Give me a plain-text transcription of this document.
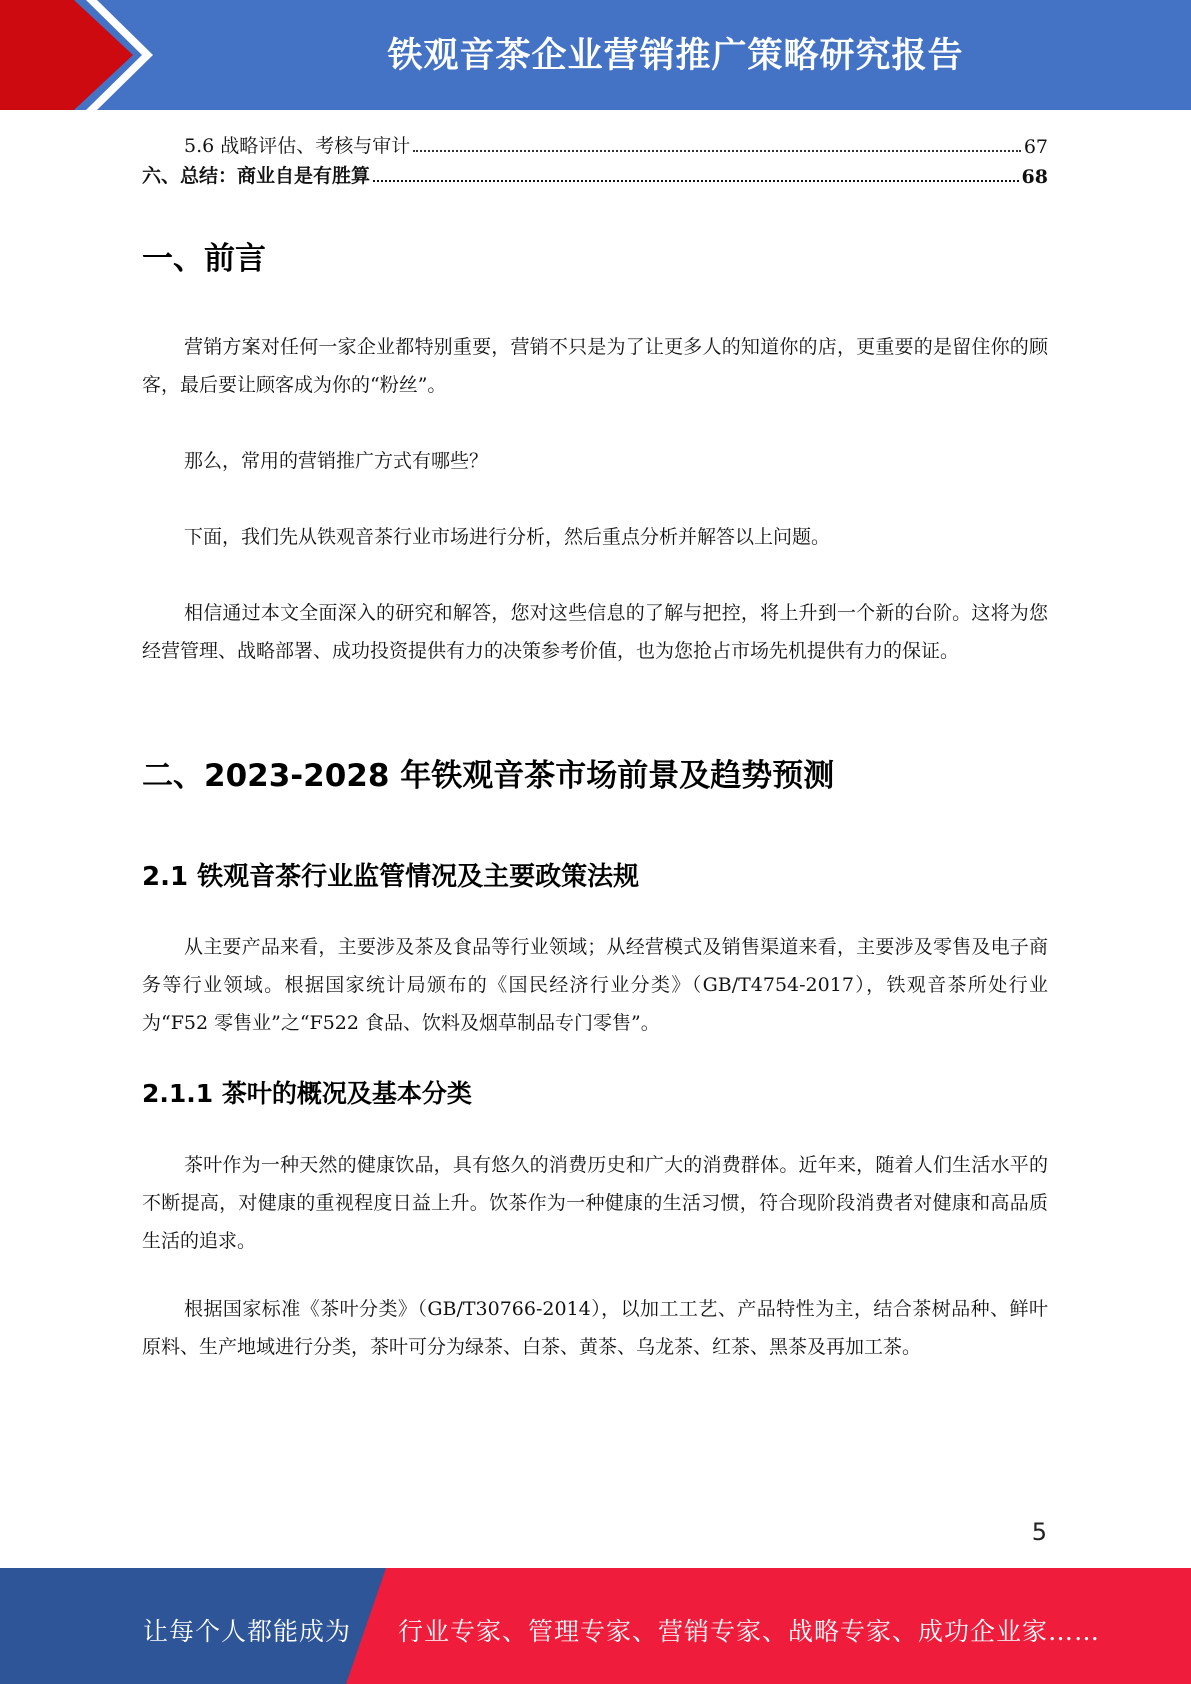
铁观音茶企业营销推广策略研究报告
5.6 战略评估、考核与审计	67
六、总结：商业自是有胜算	68
一、前言

营销方案对任何一家企业都特别重要，营销不只是为了让更多人的知道你的店，更重要的是留住你的顾客，最后要让顾客成为你的“粉丝”。

那么，常用的营销推广方式有哪些？

下面，我们先从铁观音茶行业市场进行分析，然后重点分析并解答以上问题。

相信通过本文全面深入的研究和解答，您对这些信息的了解与把控，将上升到一个新的台阶。这将为您经营管理、战略部署、成功投资提供有力的决策参考价值，也为您抢占市场先机提供有力的保证。

二、2023-2028 年铁观音茶市场前景及趋势预测
2.1 铁观音茶行业监管情况及主要政策法规

从主要产品来看，主要涉及茶及食品等行业领域；从经营模式及销售渠道来看，主要涉及零售及电子商务等行业领域。根据国家统计局颁布的《国民经济行业分类》（GB/T4754-2017），铁观音茶所处行业为“F52 零售业”之“F522 食品、饮料及烟草制品专门零售”。

2.1.1 茶叶的概况及基本分类

茶叶作为一种天然的健康饮品，具有悠久的消费历史和广大的消费群体。近年来，随着人们生活水平的不断提高，对健康的重视程度日益上升。饮茶作为一种健康的生活习惯，符合现阶段消费者对健康和高品质生活的追求。

根据国家标准《茶叶分类》（GB/T30766-2014），以加工工艺、产品特性为主，结合茶树品种、鲜叶原料、生产地域进行分类，茶叶可分为绿茶、白茶、黄茶、乌龙茶、红茶、黑茶及再加工茶。

5
让每个人都能成为 行业专家、管理专家、营销专家、战略专家、成功企业家……
